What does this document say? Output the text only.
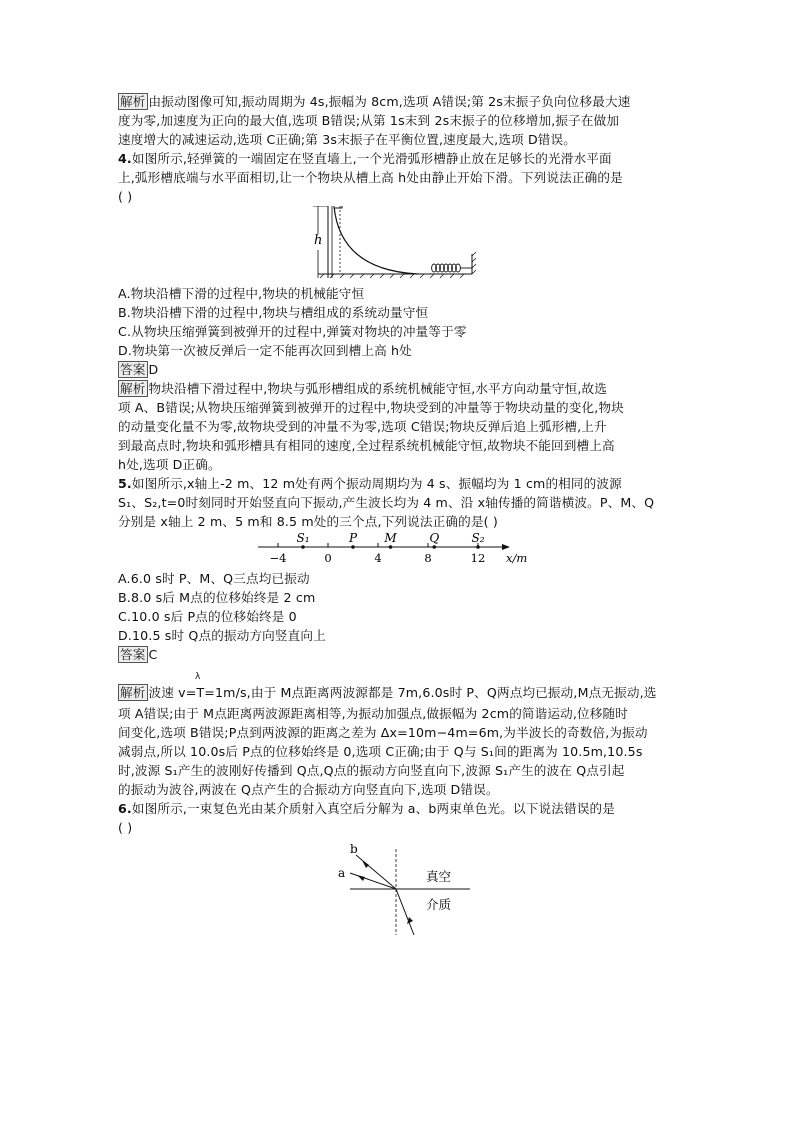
解析 由振动图像可知,振动周期为 4s,振幅为 8cm,选项 A错误;第 2s末振子负向位移最大速
度为零,加速度为正向的最大值,选项 B错误;从第 1s末到 2s末振子的位移增加,振子在做加
速度增大的减速运动,选项 C正确;第 3s末振子在平衡位置,速度最大,选项 D错误。
4.如图所示,轻弹簧的一端固定在竖直墙上,一个光滑弧形槽静止放在足够长的光滑水平面
上,弧形槽底端与水平面相切,让一个物块从槽上高 h处由静止开始下滑。下列说法正确的是
( )
h
A.物块沿槽下滑的过程中,物块的机械能守恒
B.物块沿槽下滑的过程中,物块与槽组成的系统动量守恒
C.从物块压缩弹簧到被弹开的过程中,弹簧对物块的冲量等于零
D.物块第一次被反弹后一定不能再次回到槽上高 h处
答案 D
解析 物块沿槽下滑过程中,物块与弧形槽组成的系统机械能守恒,水平方向动量守恒,故选
项 A、B错误;从物块压缩弹簧到被弹开的过程中,物块受到的冲量等于物块动量的变化,物块
的动量变化量不为零,故物块受到的冲量不为零,选项 C错误;物块反弹后追上弧形槽,上升
到最高点时,物块和弧形槽具有相同的速度,全过程系统机械能守恒,故物块不能回到槽上高
h处,选项 D正确。
5.如图所示,x轴上-2 m、12 m处有两个振动周期均为 4 s、振幅均为 1 cm的相同的波源
S₁、S₂,t=0时刻同时开始竖直向下振动,产生波长均为 4 m、沿 x轴传播的简谐横波。P、M、Q
分别是 x轴上 2 m、5 m和 8.5 m处的三个点,下列说法正确的是( )
S₁	P M	Q	S₂
−4	0	4	8	12 x/m
A.6.0 s时 P、M、Q三点均已振动
B.8.0 s后 M点的位移始终是 2 cm
C.10.0 s后 P点的位移始终是 0
D.10.5 s时 Q点的振动方向竖直向上
答案 C
λ
解析 波速 v=T=1m/s,由于 M点距离两波源都是 7m,6.0s时 P、Q两点均已振动,M点无振动,选
项 A错误;由于 M点距离两波源距离相等,为振动加强点,做振幅为 2cm的简谐运动,位移随时
间变化,选项 B错误;P点到两波源的距离之差为 Δx=10m−4m=6m,为半波长的奇数倍,为振动
减弱点,所以 10.0s后 P点的位移始终是 0,选项 C正确;由于 Q与 S₁间的距离为 10.5m,10.5s
时,波源 S₁产生的波刚好传播到 Q点,Q点的振动方向竖直向下,波源 S₁产生的波在 Q点引起
的振动为波谷,两波在 Q点产生的合振动方向竖直向下,选项 D错误。
6.如图所示,一束复色光由某介质射入真空后分解为 a、b两束单色光。以下说法错误的是
( )
b
a	真空
介质
